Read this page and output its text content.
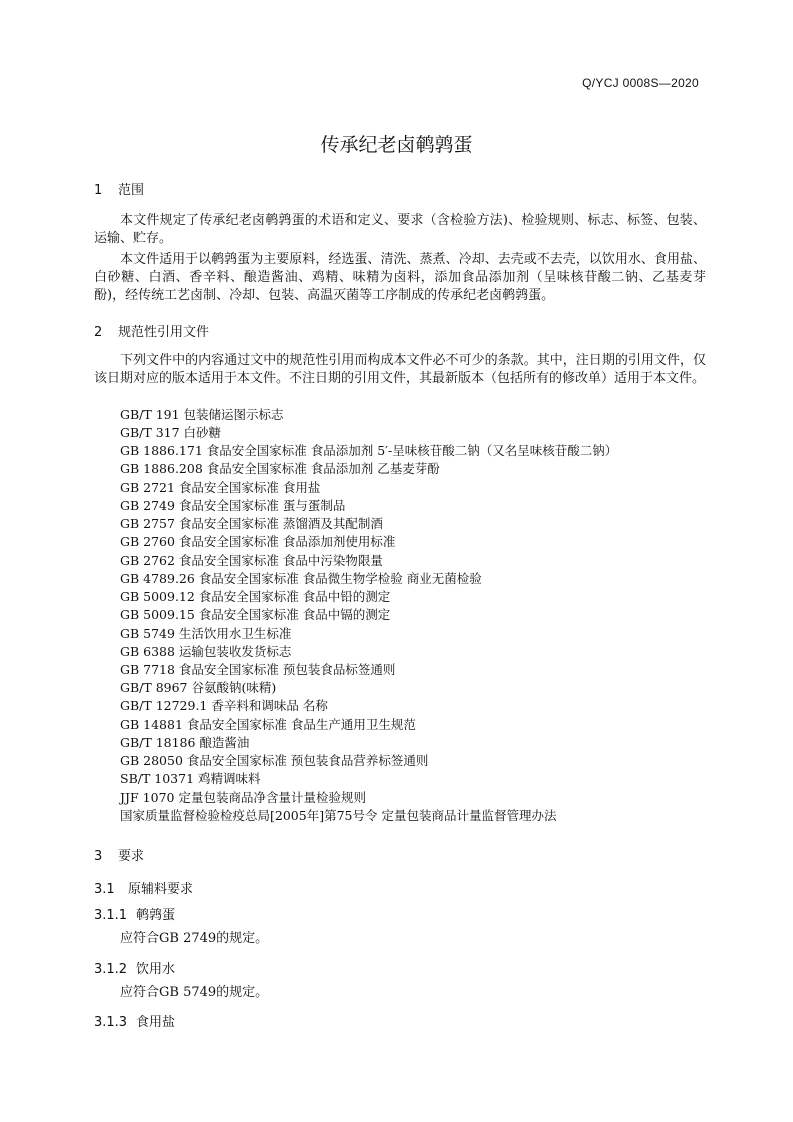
Q/YCJ 0008S—2020
传承纪老卤鹌鹑蛋
1 范围
本文件规定了传承纪老卤鹌鹑蛋的术语和定义、要求（含检验方法)、检验规则、标志、标签、包装、运输、贮存。
本文件适用于以鹌鹑蛋为主要原料，经选蛋、清洗、蒸煮、冷却、去壳或不去壳，以饮用水、食用盐、白砂糖、白酒、香辛料、酿造酱油、鸡精、味精为卤料，添加食品添加剂（呈味核苷酸二钠、乙基麦芽酚)，经传统工艺卤制、冷却、包装、高温灭菌等工序制成的传承纪老卤鹌鹑蛋。
2 规范性引用文件
下列文件中的内容通过文中的规范性引用而构成本文件必不可少的条款。其中，注日期的引用文件，仅该日期对应的版本适用于本文件。不注日期的引用文件，其最新版本（包括所有的修改单）适用于本文件。
GB/T 191 包装储运图示标志
GB/T 317 白砂糖
GB 1886.171 食品安全国家标准 食品添加剂 5′-呈味核苷酸二钠（又名呈味核苷酸二钠）
GB 1886.208 食品安全国家标准 食品添加剂 乙基麦芽酚
GB 2721 食品安全国家标准 食用盐
GB 2749 食品安全国家标准 蛋与蛋制品
GB 2757 食品安全国家标准 蒸馏酒及其配制酒
GB 2760 食品安全国家标准 食品添加剂使用标准
GB 2762 食品安全国家标准 食品中污染物限量
GB 4789.26 食品安全国家标准 食品微生物学检验 商业无菌检验
GB 5009.12 食品安全国家标准 食品中铅的测定
GB 5009.15 食品安全国家标准 食品中镉的测定
GB 5749 生活饮用水卫生标准
GB 6388 运输包装收发货标志
GB 7718 食品安全国家标准 预包装食品标签通则
GB/T 8967 谷氨酸钠(味精)
GB/T 12729.1 香辛料和调味品 名称
GB 14881 食品安全国家标准 食品生产通用卫生规范
GB/T 18186 酿造酱油
GB 28050 食品安全国家标准 预包装食品营养标签通则
SB/T 10371 鸡精调味料
JJF 1070 定量包装商品净含量计量检验规则
国家质量监督检验检疫总局[2005年]第75号令 定量包装商品计量监督管理办法
3 要求
3.1 原辅料要求
3.1.1 鹌鹑蛋
应符合GB 2749的规定。
3.1.2 饮用水
应符合GB 5749的规定。
3.1.3 食用盐
